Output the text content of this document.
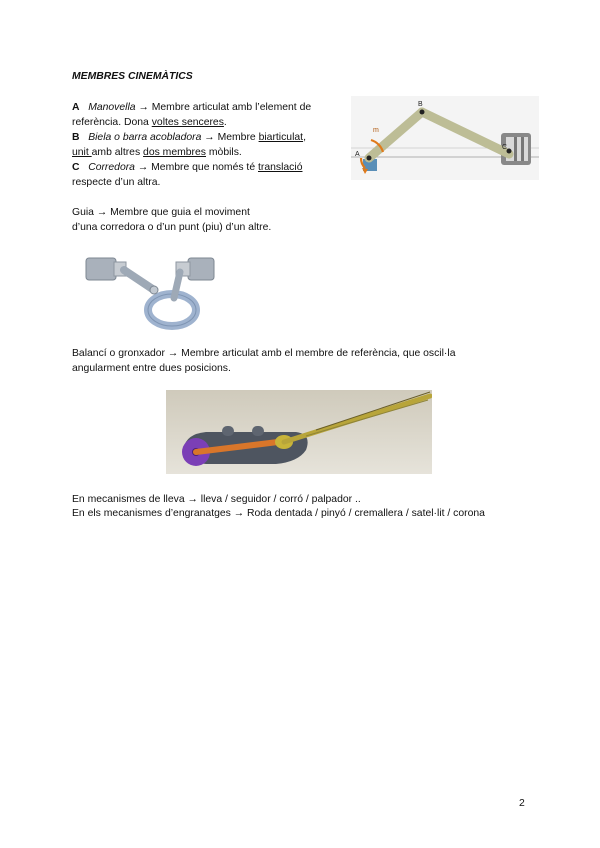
MEMBRES CINEMÀTICS
A Manovella → Membre articulat amb l’element de
referència. Dona voltes senceres.
B Biela o barra acobladora → Membre biarticulat,
unit amb altres dos membres mòbils.
C Corredora → Membre que només té translació
respecte d’un altra.
A
B
C
m
Guia → Membre que guia el moviment
d’una corredora o d’un punt (piu) d’un altre.
Balancí o gronxador → Membre articulat amb el membre de referència, que oscil·la
angularment entre dues posicions.
En mecanismes de lleva → lleva / seguidor / corró / palpador ..
En els mecanismes d’engranatges → Roda dentada / pinyó / cremallera / satel·lit / corona
2
